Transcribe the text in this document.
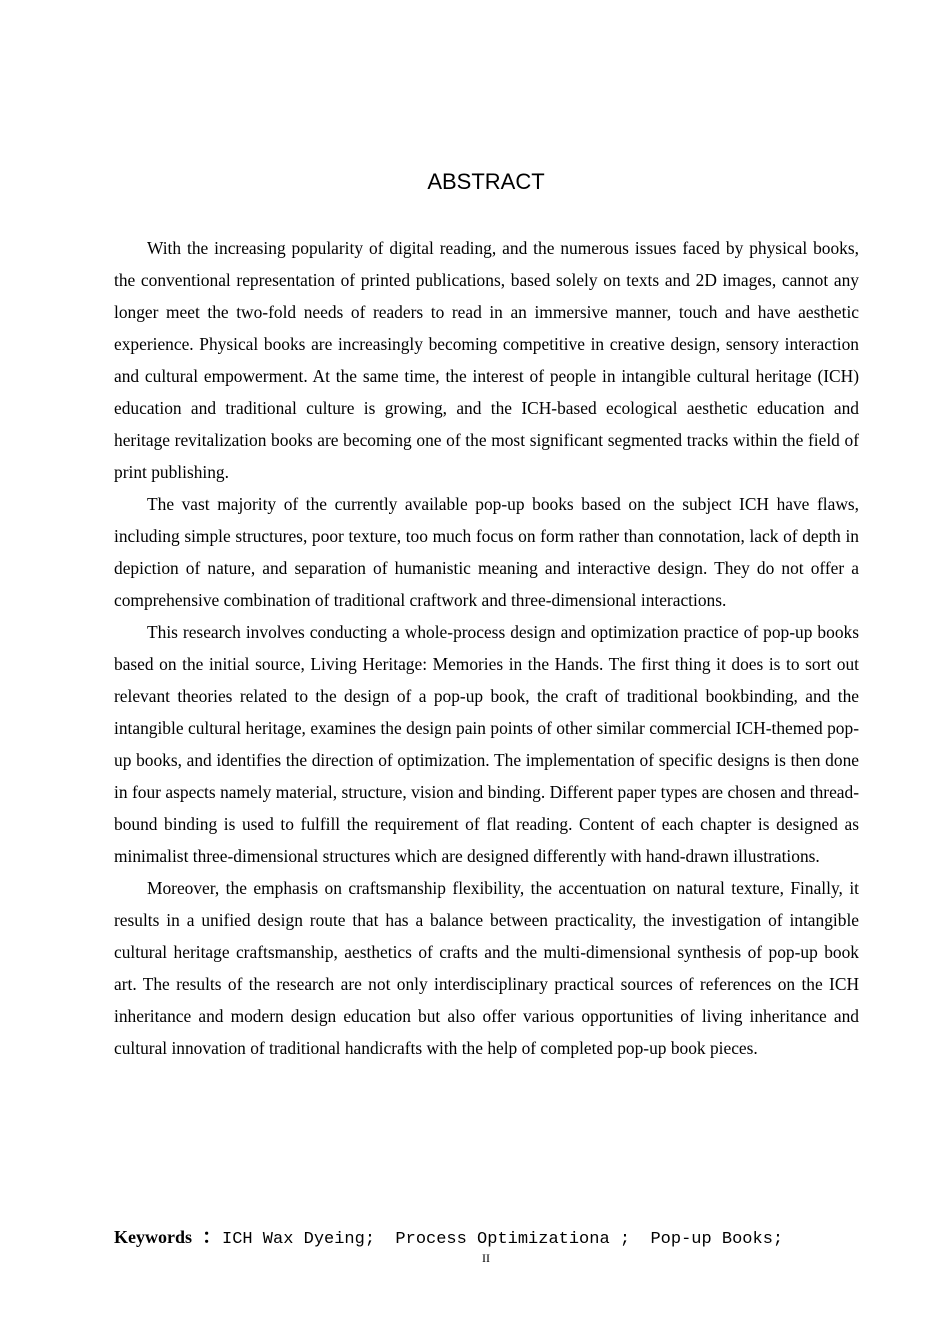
ABSTRACT

With the increasing popularity of digital reading, and the numerous issues faced by physical books, the conventional representation of printed publications, based solely on texts and 2D images, cannot any longer meet the two-fold needs of readers to read in an immersive manner, touch and have aesthetic experience. Physical books are increasingly becoming competitive in creative design, sensory interaction and cultural empowerment. At the same time, the interest of people in intangible cultural heritage (ICH) education and traditional culture is growing, and the ICH-based ecological aesthetic education and heritage revitalization books are becoming one of the most significant segmented tracks within the field of print publishing.

The vast majority of the currently available pop-up books based on the subject ICH have flaws, including simple structures, poor texture, too much focus on form rather than connotation, lack of depth in depiction of nature, and separation of humanistic meaning and interactive design. They do not offer a comprehensive combination of traditional craftwork and three-dimensional interactions.

This research involves conducting a whole-process design and optimization practice of pop-up books based on the initial source, Living Heritage: Memories in the Hands. The first thing it does is to sort out relevant theories related to the design of a pop-up book, the craft of traditional bookbinding, and the intangible cultural heritage, examines the design pain points of other similar commercial ICH-themed pop-up books, and identifies the direction of optimization. The implementation of specific designs is then done in four aspects namely material, structure, vision and binding. Different paper types are chosen and thread-bound binding is used to fulfill the requirement of flat reading. Content of each chapter is designed as minimalist three-dimensional structures which are designed differently with hand-drawn illustrations.

Moreover, the emphasis on craftsmanship flexibility, the accentuation on natural texture, Finally, it results in a unified design route that has a balance between practicality, the investigation of intangible cultural heritage craftsmanship, aesthetics of crafts and the multi-dimensional synthesis of pop-up book art. The results of the research are not only interdisciplinary practical sources of references on the ICH inheritance and modern design education but also offer various opportunities of living inheritance and cultural innovation of traditional handicrafts with the help of completed pop-up book pieces.

Keywords ：ICH Wax Dyeing;  Process Optimizationa ;  Pop-up Books;
II
